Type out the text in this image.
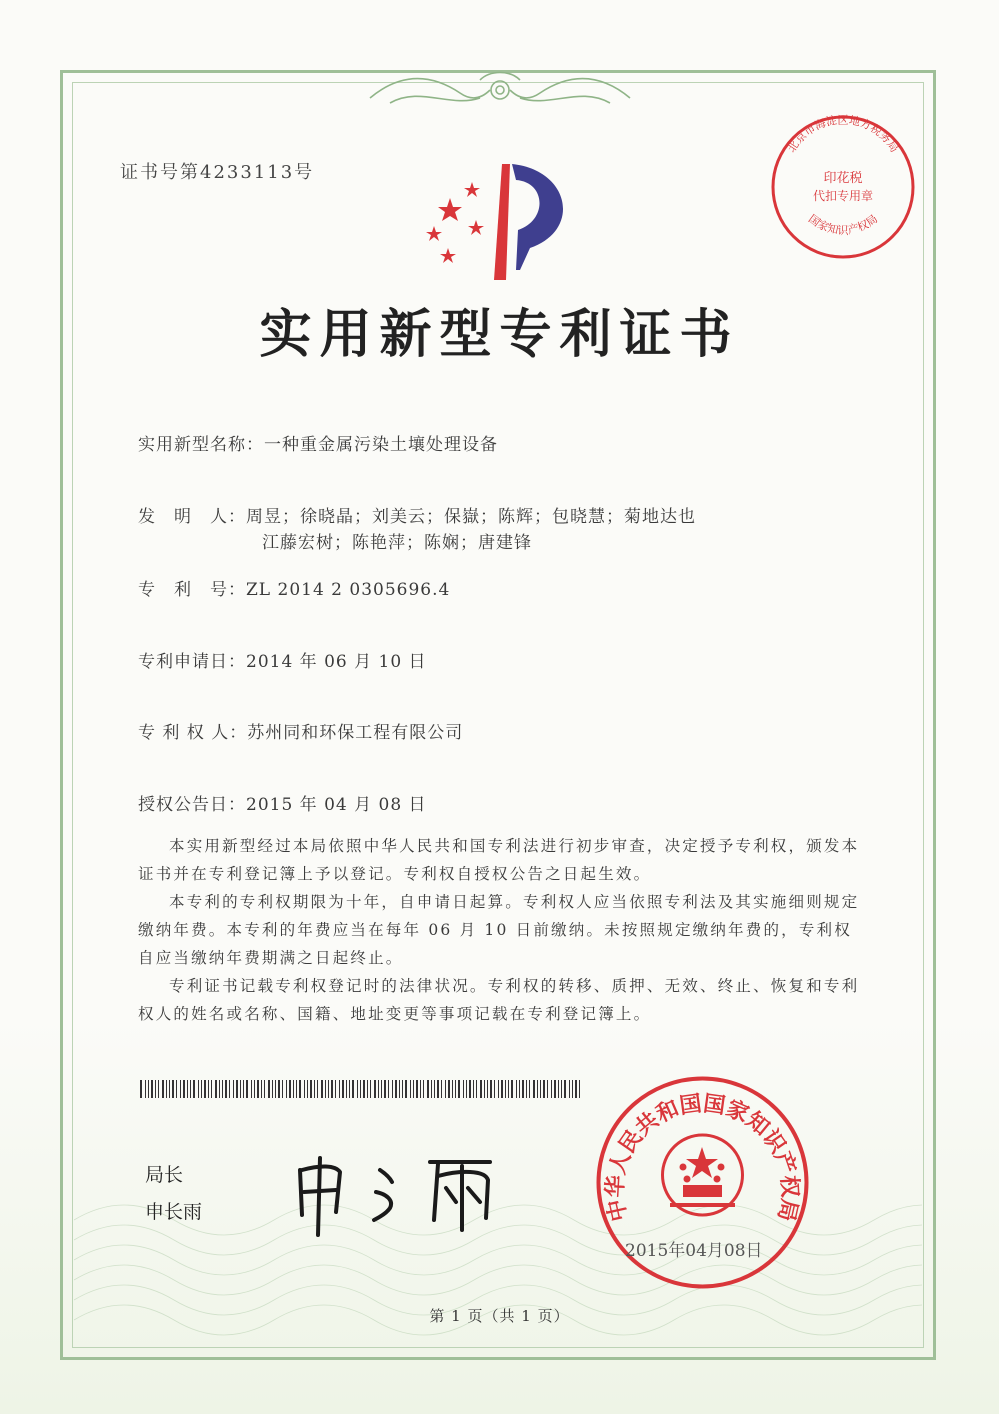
证书号第4233113号
北京市海淀区地方税务局
国家知识产权局
印花税
代扣专用章
实用新型专利证书
实用新型名称：一种重金属污染土壤处理设备
发　明　人：周昱；徐晓晶；刘美云；保嶽；陈辉；包晓慧；菊地达也
江藤宏树；陈艳萍；陈娴；唐建锋
专　利　号：ZL 2014 2 0305696.4
专利申请日：2014 年 06 月 10 日
专 利 权 人：苏州同和环保工程有限公司
授权公告日：2015 年 04 月 08 日
本实用新型经过本局依照中华人民共和国专利法进行初步审查，决定授予专利权，颁发本证书并在专利登记簿上予以登记。专利权自授权公告之日起生效。
本专利的专利权期限为十年，自申请日起算。专利权人应当依照专利法及其实施细则规定缴纳年费。本专利的年费应当在每年 06 月 10 日前缴纳。未按照规定缴纳年费的，专利权自应当缴纳年费期满之日起终止。
专利证书记载专利权登记时的法律状况。专利权的转移、质押、无效、终止、恢复和专利权人的姓名或名称、国籍、地址变更等事项记载在专利登记簿上。
局长
申长雨	中华人民共和国国家知识产权局
2015年04月08日
第 1 页（共 1 页）
